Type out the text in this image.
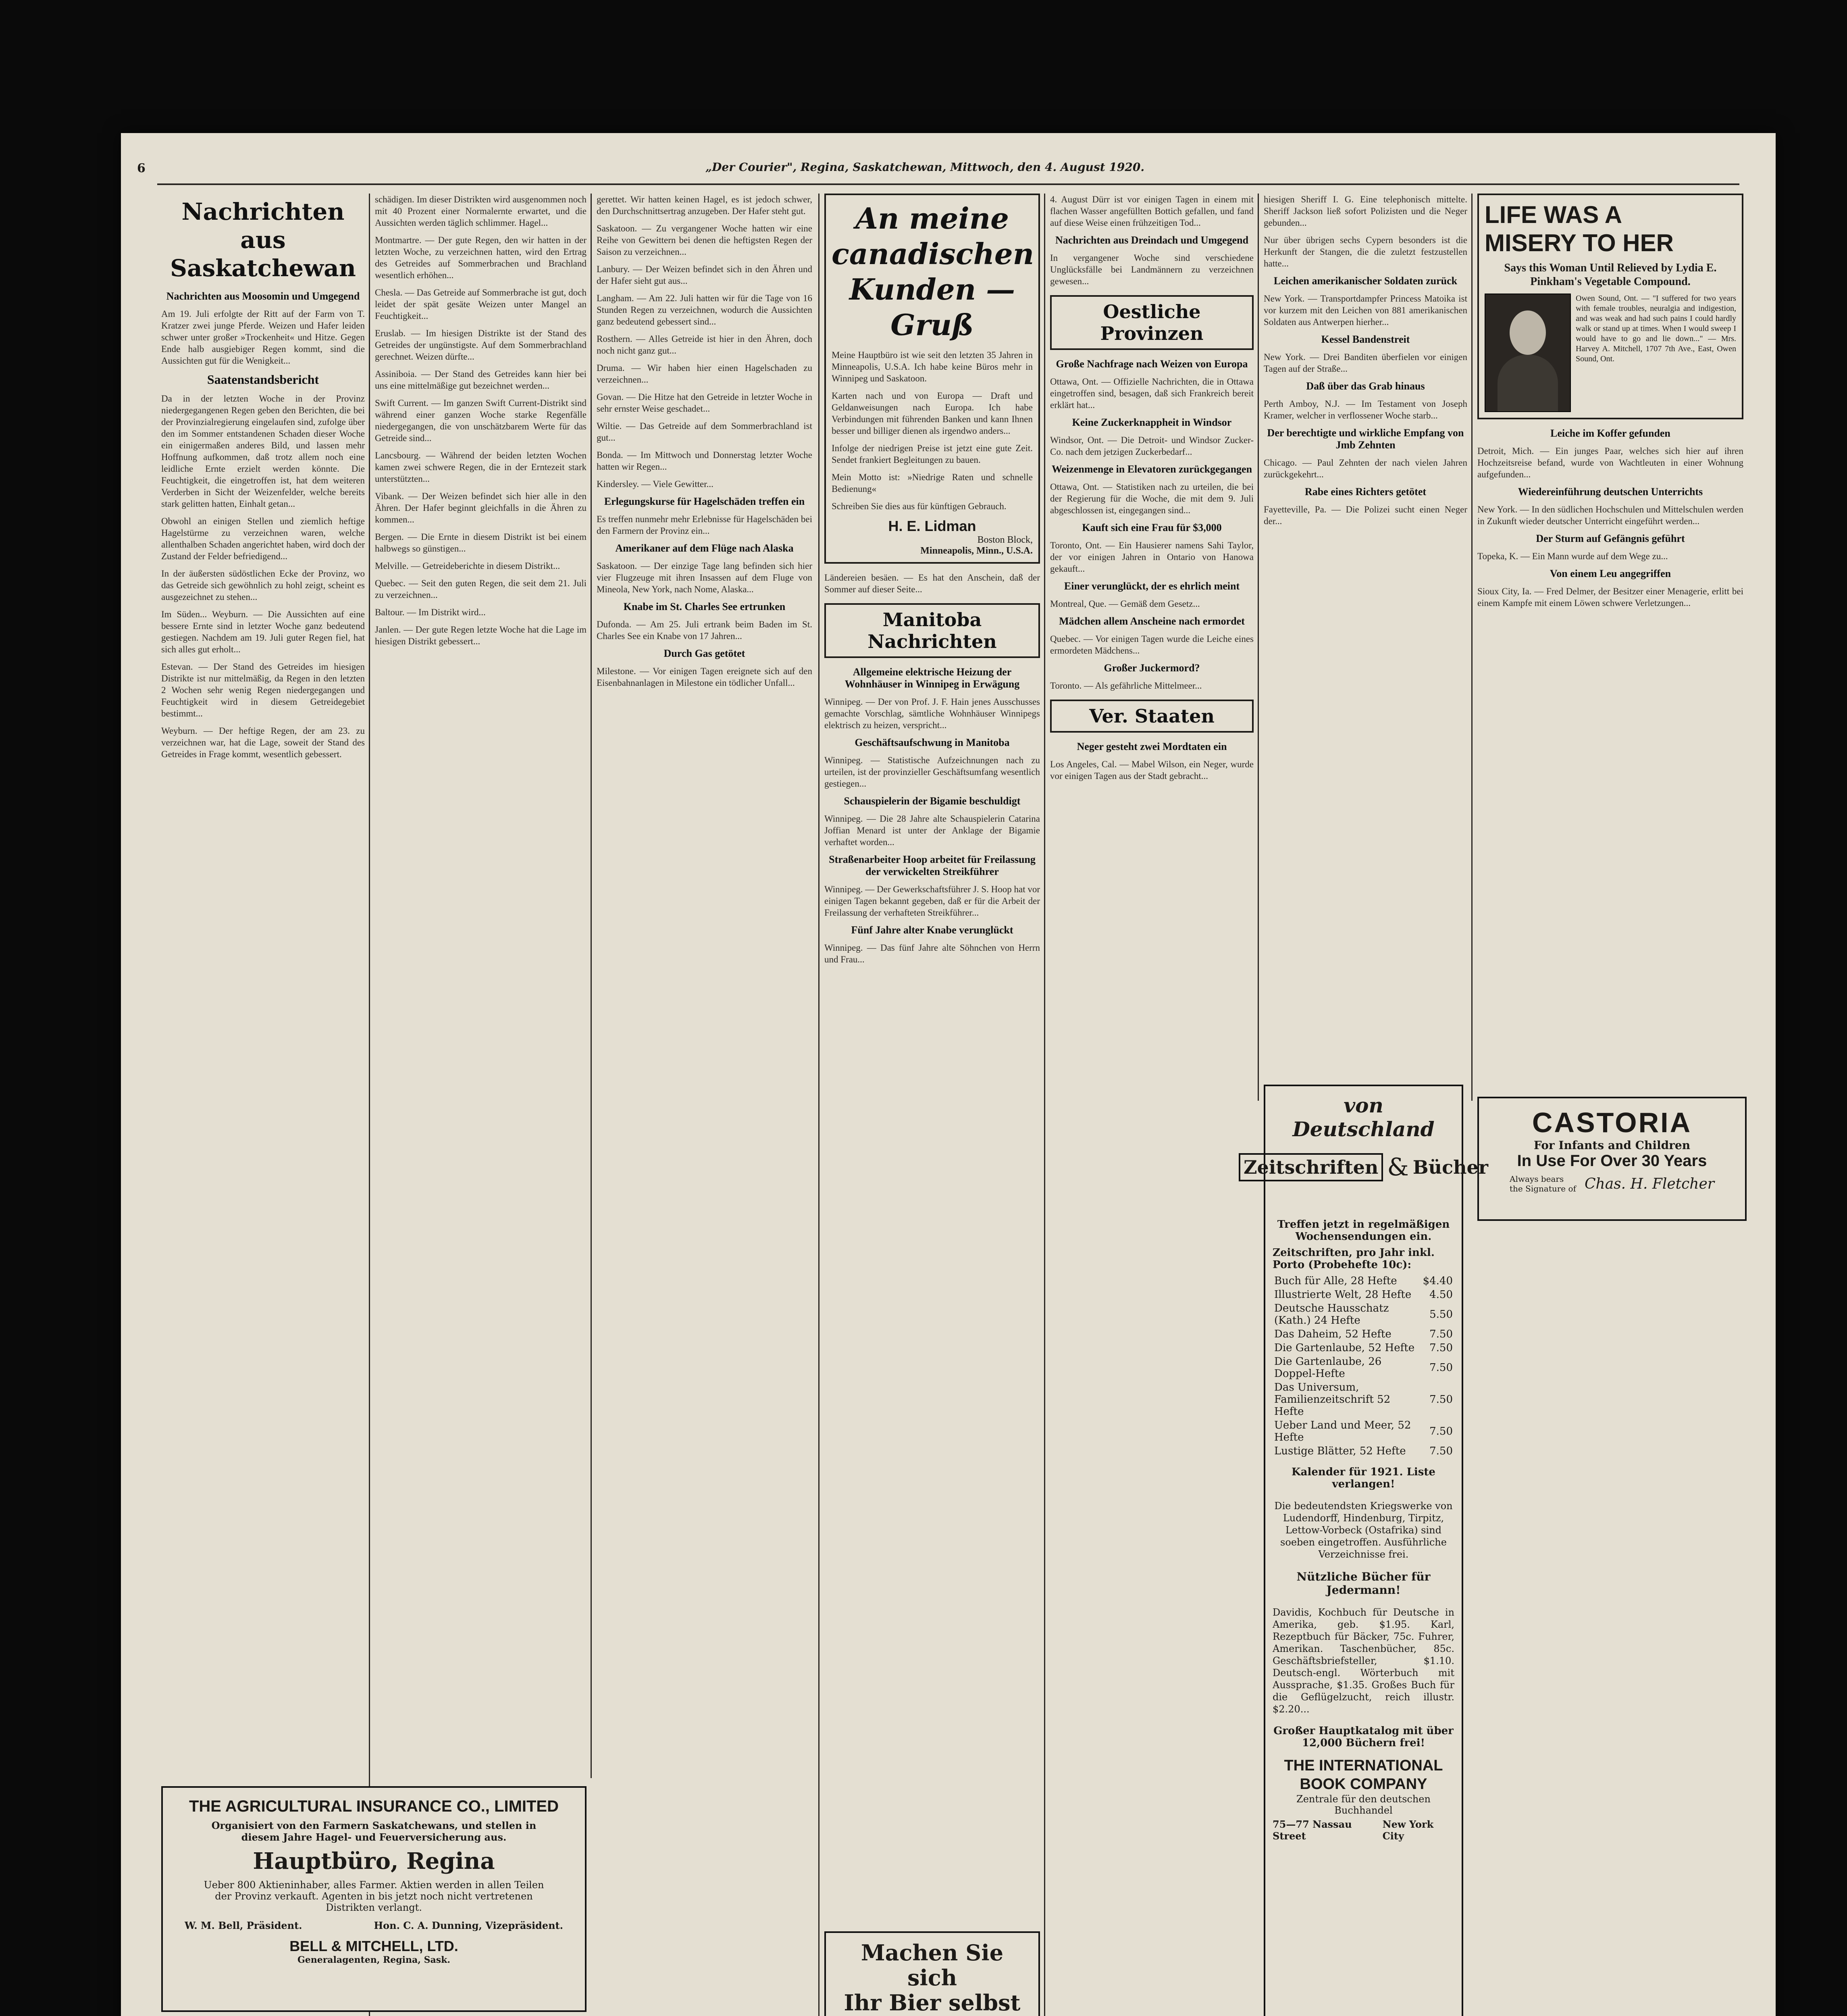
6	„Der Courier", Regina, Saskatchewan, Mittwoch, den 4. August 1920.
Nachrichten aus Saskatchewan
Nachrichten aus Moosomin und Umgegend

Am 19. Juli erfolgte der Ritt auf der Farm von T. Kratzer zwei junge Pferde. Weizen und Hafer leiden schwer unter großer »Trockenheit« und Hitze. Gegen Ende halb ausgiebiger Regen kommt, sind die Aussichten gut für die Wenigkeit...

Saatenstandsbericht

Da in der letzten Woche in der Provinz niedergegangenen Regen geben den Berichten, die bei der Provinzialregierung eingelaufen sind, zufolge über den im Sommer entstandenen Schaden dieser Woche ein einigermaßen anderes Bild, und lassen mehr Hoffnung aufkommen, daß trotz allem noch eine leidliche Ernte erzielt werden könnte. Die Feuchtigkeit, die eingetroffen ist, hat dem weiteren Verderben in Sicht der Weizenfelder, welche bereits stark gelitten hatten, Einhalt getan...

Obwohl an einigen Stellen und ziemlich heftige Hagelstürme zu verzeichnen waren, welche allenthalben Schaden angerichtet haben, wird doch der Zustand der Felder befriedigend...

In der äußersten südöstlichen Ecke der Provinz, wo das Getreide sich gewöhnlich zu hohl zeigt, scheint es ausgezeichnet zu stehen...

Im Süden... Weyburn. — Die Aussichten auf eine bessere Ernte sind in letzter Woche ganz bedeutend gestiegen. Nachdem am 19. Juli guter Regen fiel, hat sich alles gut erholt...

Estevan. — Der Stand des Getreides im hiesigen Distrikte ist nur mittelmäßig, da Regen in den letzten 2 Wochen sehr wenig Regen niedergegangen und Feuchtigkeit wird in diesem Getreidegebiet bestimmt...

Weyburn. — Der heftige Regen, der am 23. zu verzeichnen war, hat die Lage, soweit der Stand des Getreides in Frage kommt, wesentlich gebessert.

schädigen. Im dieser Distrikten wird ausgenommen noch mit 40 Prozent einer Normalernte erwartet, und die Aussichten werden täglich schlimmer. Hagel...

Montmartre. — Der gute Regen, den wir hatten in der letzten Woche, zu verzeichnen hatten, wird den Ertrag des Getreides auf Sommerbrachen und Brachland wesentlich erhöhen...

Chesla. — Das Getreide auf Sommerbrache ist gut, doch leidet der spät gesäte Weizen unter Mangel an Feuchtigkeit...

Eruslab. — Im hiesigen Distrikte ist der Stand des Getreides der ungünstigste. Auf dem Sommerbrachland gerechnet. Weizen dürfte...

Assiniboia. — Der Stand des Getreides kann hier bei uns eine mittelmäßige gut bezeichnet werden...

Swift Current. — Im ganzen Swift Current-Distrikt sind während einer ganzen Woche starke Regenfälle niedergegangen, die von unschätzbarem Werte für das Getreide sind...

Lancsbourg. — Während der beiden letzten Wochen kamen zwei schwere Regen, die in der Erntezeit stark unterstützten...

Vibank. — Der Weizen befindet sich hier alle in den Ähren. Der Hafer beginnt gleichfalls in die Ähren zu kommen...

Bergen. — Die Ernte in diesem Distrikt ist bei einem halbwegs so günstigen...

Melville. — Getreideberichte in diesem Distrikt...

Quebec. — Seit den guten Regen, die seit dem 21. Juli zu verzeichnen...

Baltour. — Im Distrikt wird...

Janlen. — Der gute Regen letzte Woche hat die Lage im hiesigen Distrikt gebessert...

gerettet. Wir hatten keinen Hagel, es ist jedoch schwer, den Durchschnittsertrag anzugeben. Der Hafer steht gut.

Saskatoon. — Zu vergangener Woche hatten wir eine Reihe von Gewittern bei denen die heftigsten Regen der Saison zu verzeichnen...

Lanbury. — Der Weizen befindet sich in den Ähren und der Hafer sieht gut aus...

Langham. — Am 22. Juli hatten wir für die Tage von 16 Stunden Regen zu verzeichnen, wodurch die Aussichten ganz bedeutend gebessert sind...

Rosthern. — Alles Getreide ist hier in den Ähren, doch noch nicht ganz gut...

Druma. — Wir haben hier einen Hagelschaden zu verzeichnen...

Govan. — Die Hitze hat den Getreide in letzter Woche in sehr ernster Weise geschadet...

Wiltie. — Das Getreide auf dem Sommerbrachland ist gut...

Bonda. — Im Mittwoch und Donnerstag letzter Woche hatten wir Regen...

Kindersley. — Viele Gewitter...

Erlegungskurse für Hagelschäden treffen ein

Es treffen nunmehr mehr Erlebnisse für Hagelschäden bei den Farmern der Provinz ein...

Amerikaner auf dem Flüge nach Alaska

Saskatoon. — Der einzige Tage lang befinden sich hier vier Flugzeuge mit ihren Insassen auf dem Fluge von Mineola, New York, nach Nome, Alaska...

Knabe im St. Charles See ertrunken

Dufonda. — Am 25. Juli ertrank beim Baden im St. Charles See ein Knabe von 17 Jahren...

Durch Gas getötet

Milestone. — Vor einigen Tagen ereignete sich auf den Eisenbahnanlagen in Milestone ein tödlicher Unfall...

An meine
canadischen
Kunden —
Gruß

Meine Hauptbüro ist wie seit den letzten 35 Jahren in Minneapolis, U.S.A. Ich habe keine Büros mehr in Winnipeg und Saskatoon.

Karten nach und von Europa — Draft und Geldanweisungen nach Europa. Ich habe Verbindungen mit führenden Banken und kann Ihnen besser und billiger dienen als irgendwo anders...

Infolge der niedrigen Preise ist jetzt eine gute Zeit. Sendet frankiert Begleitungen zu bauen.

Mein Motto ist: »Niedrige Raten und schnelle Bedienung«

Schreiben Sie dies aus für künftigen Gebrauch.

H. E. Lidman
Boston Block,
Minneapolis, Minn., U.S.A.

Ländereien besäen. — Es hat den Anschein, daß der Sommer auf dieser Seite...

Manitoba Nachrichten
Allgemeine elektrische Heizung der Wohnhäuser in Winnipeg in Erwägung

Winnipeg. — Der von Prof. J. F. Hain jenes Ausschusses gemachte Vorschlag, sämtliche Wohnhäuser Winnipegs elektrisch zu heizen, verspricht...

Geschäftsaufschwung in Manitoba

Winnipeg. — Statistische Aufzeichnungen nach zu urteilen, ist der provinzieller Geschäftsumfang wesentlich gestiegen...

Schauspielerin der Bigamie beschuldigt

Winnipeg. — Die 28 Jahre alte Schauspielerin Catarina Joffian Menard ist unter der Anklage der Bigamie verhaftet worden...

Straßenarbeiter Hoop arbeitet für Freilassung der verwickelten Streikführer

Winnipeg. — Der Gewerkschaftsführer J. S. Hoop hat vor einigen Tagen bekannt gegeben, daß er für die Arbeit der Freilassung der verhafteten Streikführer...

Fünf Jahre alter Knabe verunglückt

Winnipeg. — Das fünf Jahre alte Söhnchen von Herrn und Frau...

4. August Dürr ist vor einigen Tagen in einem mit flachen Wasser angefüllten Bottich gefallen, und fand auf diese Weise einen frühzeitigen Tod...

Nachrichten aus Dreindach und Umgegend

In vergangener Woche sind verschiedene Unglücksfälle bei Landmännern zu verzeichnen gewesen...

Oestliche Provinzen
Große Nachfrage nach Weizen von Europa

Ottawa, Ont. — Offizielle Nachrichten, die in Ottawa eingetroffen sind, besagen, daß sich Frankreich bereit erklärt hat...

Keine Zuckerknappheit in Windsor

Windsor, Ont. — Die Detroit- und Windsor Zucker-Co. nach dem jetzigen Zuckerbedarf...

Weizenmenge in Elevatoren zurückgegangen

Ottawa, Ont. — Statistiken nach zu urteilen, die bei der Regierung für die Woche, die mit dem 9. Juli abgeschlossen ist, eingegangen sind...

Kauft sich eine Frau für $3,000

Toronto, Ont. — Ein Hausierer namens Sahi Taylor, der vor einigen Jahren in Ontario von Hanowa gekauft...

Einer verunglückt, der es ehrlich meint

Montreal, Que. — Gemäß dem Gesetz...

Mädchen allem Anscheine nach ermordet

Quebec. — Vor einigen Tagen wurde die Leiche eines ermordeten Mädchens...

Großer Juckermord?

Toronto. — Als gefährliche Mittelmeer...

Ver. Staaten
Neger gesteht zwei Mordtaten ein

Los Angeles, Cal. — Mabel Wilson, ein Neger, wurde vor einigen Tagen aus der Stadt gebracht...

hiesigen Sheriff I. G. Eine telephonisch mittelte. Sheriff Jackson ließ sofort Polizisten und die Neger gebunden...

Nur über übrigen sechs Cypern besonders ist die Herkunft der Stangen, die die zuletzt festzustellen hatte...

Leichen amerikanischer Soldaten zurück

New York. — Transportdampfer Princess Matoika ist vor kurzem mit den Leichen von 881 amerikanischen Soldaten aus Antwerpen hierher...

Kessel Bandenstreit

New York. — Drei Banditen überfielen vor einigen Tagen auf der Straße...

Daß über das Grab hinaus

Perth Amboy, N.J. — Im Testament von Joseph Kramer, welcher in verflossener Woche starb...

Der berechtigte und wirkliche Empfang von Jmb Zehnten

Chicago. — Paul Zehnten der nach vielen Jahren zurückgekehrt...

Rabe eines Richters getötet

Fayetteville, Pa. — Die Polizei sucht einen Neger der...

LIFE WAS A
MISERY TO HER
Says this Woman Until Relieved by Lydia E. Pinkham's Vegetable Compound.
Owen Sound, Ont. — "I suffered for two years with female troubles, neuralgia and indigestion, and was weak and had such pains I could hardly walk or stand up at times. When I would sweep I would have to go and lie down..." — Mrs. Harvey A. Mitchell, 1707 7th Ave., East, Owen Sound, Ont.
Leiche im Koffer gefunden

Detroit, Mich. — Ein junges Paar, welches sich hier auf ihren Hochzeitsreise befand, wurde von Wachtleuten in einer Wohnung aufgefunden...

Wiedereinführung deutschen Unterrichts

New York. — In den südlichen Hochschulen und Mittelschulen werden in Zukunft wieder deutscher Unterricht eingeführt werden...

Der Sturm auf Gefängnis geführt

Topeka, K. — Ein Mann wurde auf dem Wege zu...

Von einem Leu angegriffen

Sioux City, Ia. — Fred Delmer, der Besitzer einer Menagerie, erlitt bei einem Kampfe mit einem Löwen schwere Verletzungen...

CASTORIA
For Infants and Children
In Use For Over 30 Years
Always bears the Signature of Chas. H. Fletcher
von Deutschland
Zeitschriften & Bücher
Treffen jetzt in regelmäßigen Wochensendungen ein.
Zeitschriften, pro Jahr inkl. Porto (Probehefte 10c):
Buch für Alle, 28 Hefte	$4.40
Illustrierte Welt, 28 Hefte	4.50
Deutsche Hausschatz (Kath.) 24 Hefte	5.50
Das Daheim, 52 Hefte	7.50
Die Gartenlaube, 52 Hefte	7.50
Die Gartenlaube, 26 Doppel-Hefte	7.50
Das Universum, Familienzeitschrift 52 Hefte	7.50
Ueber Land und Meer, 52 Hefte	7.50
Lustige Blätter, 52 Hefte	7.50
Kalender für 1921. Liste verlangen!

Die bedeutendsten Kriegswerke von Ludendorff, Hindenburg, Tirpitz, Lettow-Vorbeck (Ostafrika) sind soeben eingetroffen. Ausführliche Verzeichnisse frei.

Nützliche Bücher für Jedermann!

Davidis, Kochbuch für Deutsche in Amerika, geb. $1.95. Karl, Rezeptbuch für Bäcker, 75c. Fuhrer, Amerikan. Taschenbücher, 85c. Geschäftsbriefsteller, $1.10. Deutsch-engl. Wörterbuch mit Aussprache, $1.35. Großes Buch für die Geflügelzucht, reich illustr. $2.20...

Großer Hauptkatalog mit über 12,000 Büchern frei!
THE INTERNATIONAL BOOK COMPANY
Zentrale für den deutschen Buchhandel
75—77 Nassau Street
New York City
THE AGRICULTURAL INSURANCE CO., LIMITED
Organisiert von den Farmern Saskatchewans, und stellen in diesem Jahre Hagel- und Feuerversicherung aus.
Hauptbüro, Regina
Ueber 800 Aktieninhaber, alles Farmer. Aktien werden in allen Teilen der Provinz verkauft. Agenten in bis jetzt noch nicht vertretenen Distrikten verlangt.
W. M. Bell, Präsident.	Hon. C. A. Dunning, Vizepräsident.
BELL & MITCHELL, LTD.
Generalagenten, Regina, Sask.	Machen Sie sich
Ihr Bier selbst
